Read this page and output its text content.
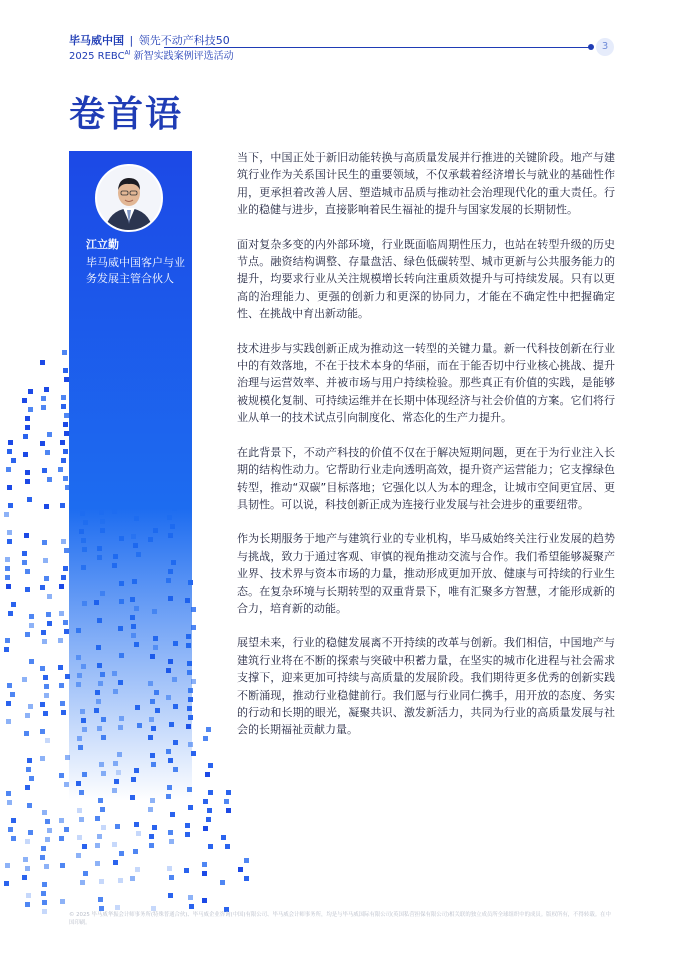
毕马威中国 | 领先不动产科技50
2025 $REBC^{AI}$ 新智实践案例评选活动
3
卷首语
江立勤
毕马威中国客户与业务发展主管合伙人

当下，中国正处于新旧动能转换与高质量发展并行推进的关键阶段。地产与建筑行业作为关系国计民生的重要领域，不仅承载着经济增长与就业的基础性作用，更承担着改善人居、塑造城市品质与推动社会治理现代化的重大责任。行业的稳健与进步，直接影响着民生福祉的提升与国家发展的长期韧性。

面对复杂多变的内外部环境，行业既面临周期性压力，也站在转型升级的历史节点。融资结构调整、存量盘活、绿色低碳转型、城市更新与公共服务能力的提升，均要求行业从关注规模增长转向注重质效提升与可持续发展。只有以更高的治理能力、更强的创新力和更深的协同力，才能在不确定性中把握确定性、在挑战中育出新动能。

技术进步与实践创新正成为推动这一转型的关键力量。新一代科技创新在行业中的有效落地，不在于技术本身的华丽，而在于能否切中行业核心挑战、提升治理与运营效率、并被市场与用户持续检验。那些真正有价值的实践，是能够被规模化复制、可持续运维并在长期中体现经济与社会价值的方案。它们将行业从单一的技术试点引向制度化、常态化的生产力提升。

在此背景下，不动产科技的价值不仅在于解决短期问题，更在于为行业注入长期的结构性动力。它帮助行业走向透明高效，提升资产运营能力；它支撑绿色转型，推动“双碳”目标落地；它强化以人为本的理念，让城市空间更宜居、更具韧性。可以说，科技创新正成为连接行业发展与社会进步的重要纽带。

作为长期服务于地产与建筑行业的专业机构，毕马威始终关注行业发展的趋势与挑战，致力于通过客观、审慎的视角推动交流与合作。我们希望能够凝聚产业界、技术界与资本市场的力量，推动形成更加开放、健康与可持续的行业生态。在复杂环境与长期转型的双重背景下，唯有汇聚多方智慧，才能形成新的合力，培育新的动能。

展望未来，行业的稳健发展离不开持续的改革与创新。我们相信，中国地产与建筑行业将在不断的探索与突破中积蓄力量，在坚实的城市化进程与社会需求支撑下，迎来更加可持续与高质量的发展阶段。我们期待更多优秀的创新实践不断涌现，推动行业稳健前行。我们愿与行业同仁携手，用开放的态度、务实的行动和长期的眼光，凝聚共识、激发新活力，共同为行业的高质量发展与社会的长期福祉贡献力量。

© 2025 毕马威华振会计师事务所(特殊普通合伙)、毕马威企业咨询(中国)有限公司、毕马威会计师事务所，均是与毕马威国际有限公司(英国私营担保有限公司)相关联的独立成员所全球组织中的成员。版权所有，不得转载。在中国印刷。
